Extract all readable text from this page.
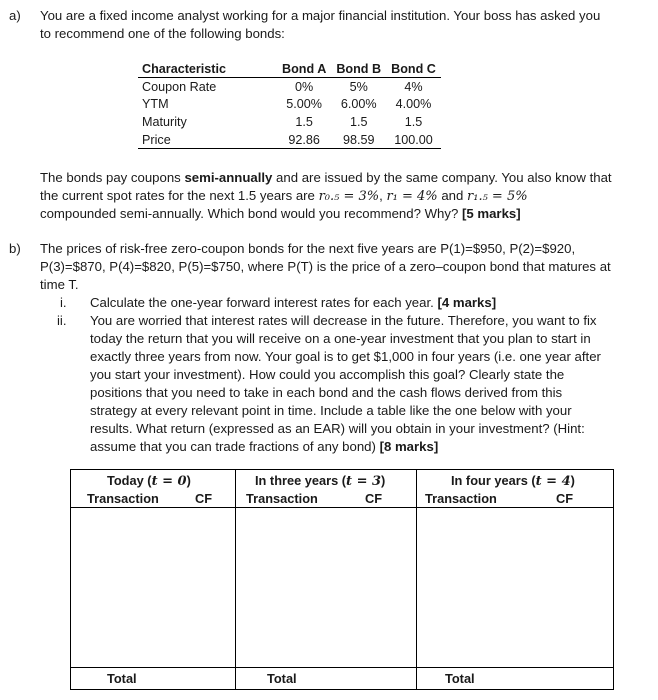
a) You are a fixed income analyst working for a major financial institution. Your boss has asked you
to recommend one of the following bonds:
Characteristic	Bond A	Bond B	Bond C
Coupon Rate	0%	5%	4%
YTM	5.00%	6.00%	4.00%
Maturity	1.5	1.5	1.5
Price	92.86	98.59	100.00
The bonds pay coupons semi-annually and are issued by the same company. You also know that
the current spot rates for the next 1.5 years are r₀.₅ = 3%, r₁ = 4% and r₁.₅ = 5%
compounded semi-annually. Which bond would you recommend? Why? [5 marks]
b) The prices of risk-free zero-coupon bonds for the next five years are P(1)=$950, P(2)=$920,
P(3)=$870, P(4)=$820, P(5)=$750, where P(T) is the price of a zero–coupon bond that matures at
time T.
i. Calculate the one-year forward interest rates for each year. [4 marks]
ii. You are worried that interest rates will decrease in the future. Therefore, you want to fix
today the return that you will receive on a one-year investment that you plan to start in
exactly three years from now. Your goal is to get $1,000 in four years (i.e. one year after
you start your investment). How could you accomplish this goal? Clearly state the
positions that you need to take in each bond and the cash flows derived from this
strategy at every relevant point in time. Include a table like the one below with your
results. What return (expressed as an EAR) will you obtain in your investment? (Hint:
assume that you can trade fractions of any bond) [8 marks]
Today (t = 0)	In three years (t = 3)	In four years (t = 4)
Transaction	CF	Transaction	CF	Transaction	CF
Total	Total	Total
